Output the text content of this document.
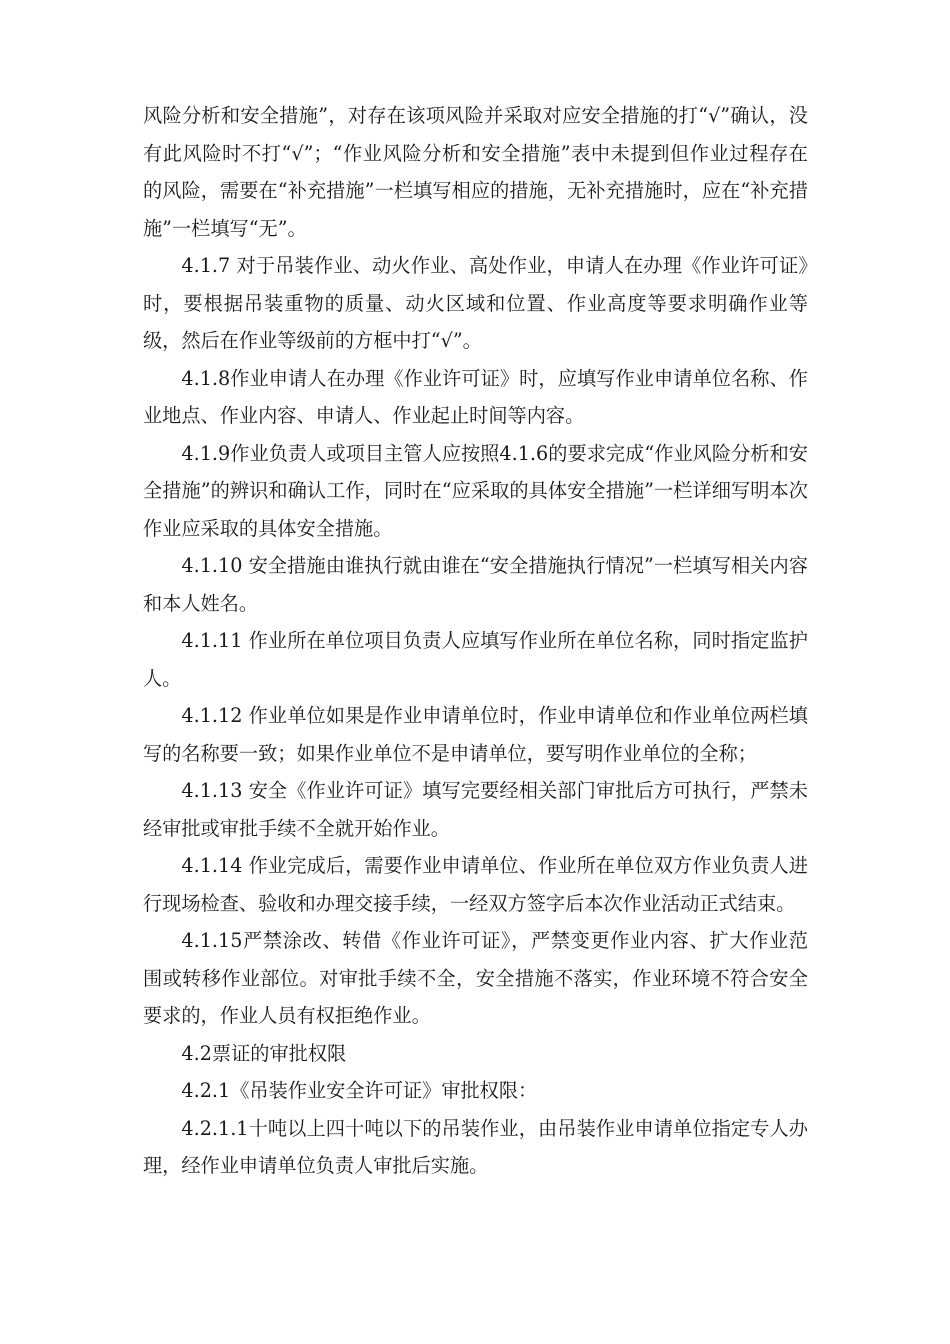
风险分析和安全措施”，对存在该项风险并采取对应安全措施的打“√”确认，没有此风险时不打“√”；“作业风险分析和安全措施”表中未提到但作业过程存在的风险，需要在“补充措施”一栏填写相应的措施，无补充措施时，应在“补充措施”一栏填写“无”。

4.1.7 对于吊装作业、动火作业、高处作业，申请人在办理《作业许可证》时，要根据吊装重物的质量、动火区域和位置、作业高度等要求明确作业等级，然后在作业等级前的方框中打“√”。

4.1.8作业申请人在办理《作业许可证》时，应填写作业申请单位名称、作业地点、作业内容、申请人、作业起止时间等内容。

4.1.9作业负责人或项目主管人应按照4.1.6的要求完成“作业风险分析和安全措施”的辨识和确认工作，同时在“应采取的具体安全措施”一栏详细写明本次作业应采取的具体安全措施。

4.1.10 安全措施由谁执行就由谁在“安全措施执行情况”一栏填写相关内容和本人姓名。

4.1.11 作业所在单位项目负责人应填写作业所在单位名称，同时指定监护人。

4.1.12 作业单位如果是作业申请单位时，作业申请单位和作业单位两栏填写的名称要一致；如果作业单位不是申请单位，要写明作业单位的全称；

4.1.13 安全《作业许可证》填写完要经相关部门审批后方可执行，严禁未经审批或审批手续不全就开始作业。

4.1.14 作业完成后，需要作业申请单位、作业所在单位双方作业负责人进行现场检查、验收和办理交接手续，一经双方签字后本次作业活动正式结束。

4.1.15严禁涂改、转借《作业许可证》，严禁变更作业内容、扩大作业范围或转移作业部位。对审批手续不全，安全措施不落实，作业环境不符合安全要求的，作业人员有权拒绝作业。

4.2票证的审批权限

4.2.1《吊装作业安全许可证》审批权限：

4.2.1.1十吨以上四十吨以下的吊装作业，由吊装作业申请单位指定专人办理，经作业申请单位负责人审批后实施。
